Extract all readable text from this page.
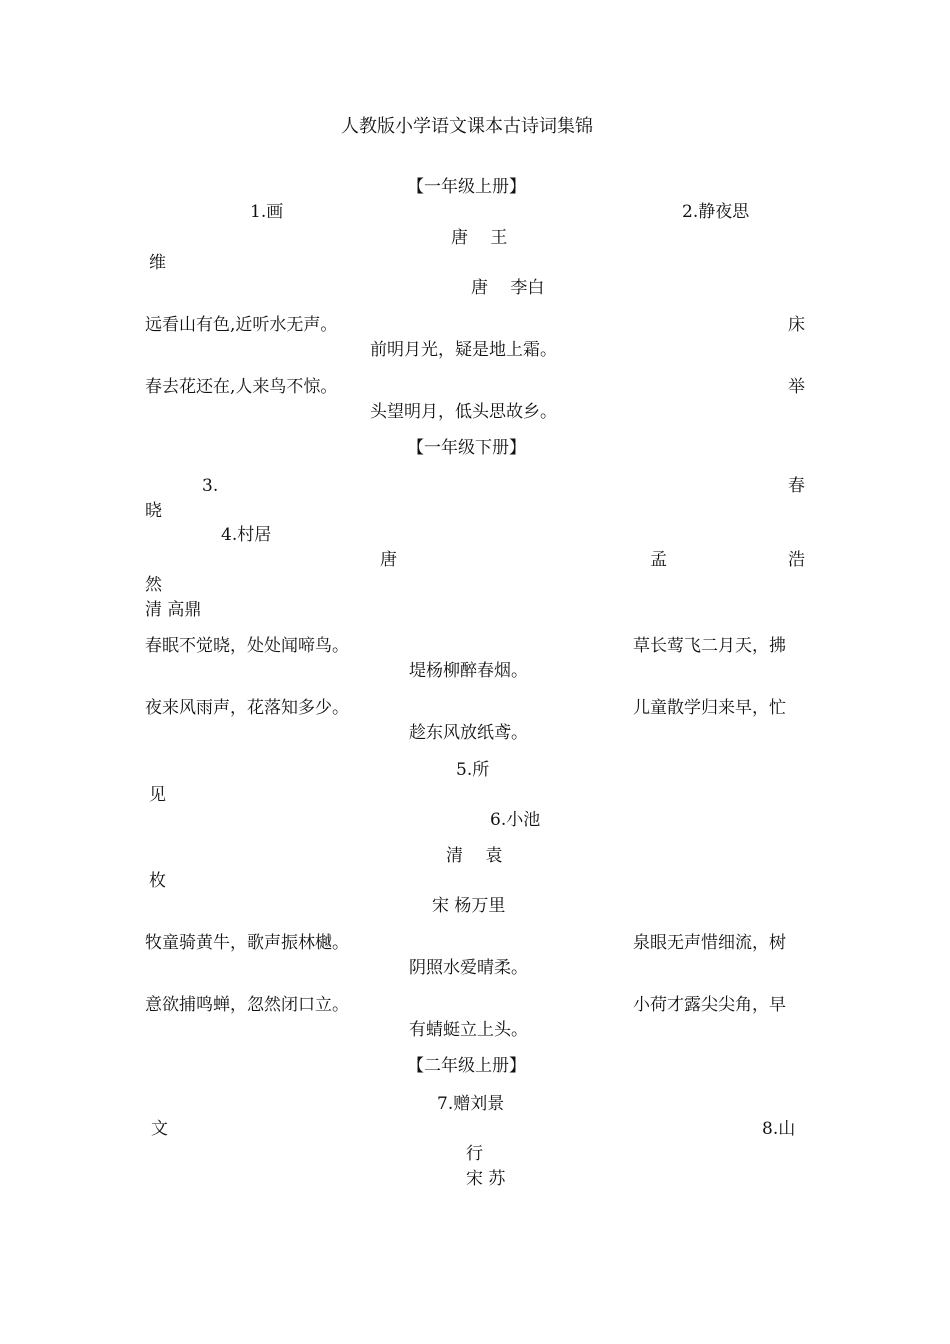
人教版小学语文课本古诗词集锦
【一年级上册】
1.画	2.静夜思
唐　 王
维
唐　 李白
远看山有色,近听水无声。	床
前明月光，疑是地上霜。
春去花还在,人来鸟不惊。	举
头望明月，低头思故乡。
【一年级下册】
3.	春
晓
4.村居
唐	孟	浩
然
清 高鼎
春眠不觉晓，处处闻啼鸟。	草长莺飞二月天，拂
堤杨柳醉春烟。
夜来风雨声，花落知多少。	儿童散学归来早，忙
趁东风放纸鸢。
5.所
见
6.小池
清　 袁
枚
宋 杨万里
牧童骑黄牛，歌声振林樾。	泉眼无声惜细流，树
阴照水爱晴柔。
意欲捕鸣蝉，忽然闭口立。	小荷才露尖尖角，早
有蜻蜓立上头。
【二年级上册】
7.赠刘景
文	8.山
行
宋 苏
